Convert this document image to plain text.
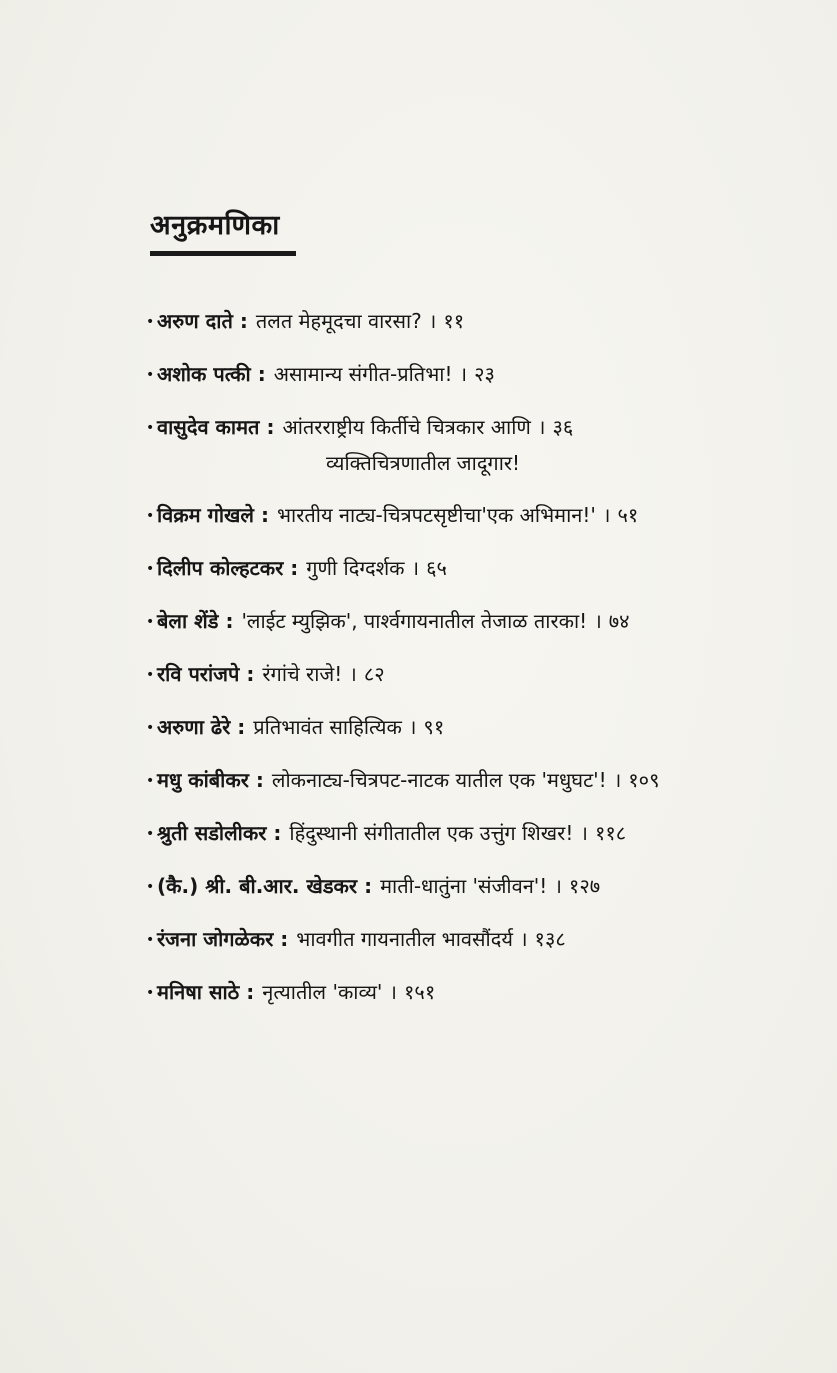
अनुक्रमणिका
• अरुण दाते : तलत मेहमूदचा वारसा? । ११
• अशोक पत्की : असामान्य संगीत-प्रतिभा! । २३
• वासुदेव कामत : आंतरराष्ट्रीय किर्तीचे चित्रकार आणि । ३६
व्यक्तिचित्रणातील जादूगार!
• विक्रम गोखले : भारतीय नाट्य-चित्रपटसृष्टीचा'एक अभिमान!' । ५१
• दिलीप कोल्हटकर : गुणी दिग्दर्शक । ६५
• बेला शेंडे : 'लाईट म्युझिक', पार्श्वगायनातील तेजाळ तारका! । ७४
• रवि परांजपे : रंगांचे राजे! । ८२
• अरुणा ढेरे : प्रतिभावंत साहित्यिक । ९१
• मधु कांबीकर : लोकनाट्य-चित्रपट-नाटक यातील एक 'मधुघट'! । १०९
• श्रुती सडोलीकर : हिंदुस्थानी संगीतातील एक उत्तुंग शिखर! । ११८
• (कै.) श्री. बी.आर. खेडकर : माती-धातुंना 'संजीवन'! । १२७
• रंजना जोगळेकर : भावगीत गायनातील भावसौंदर्य । १३८
• मनिषा साठे : नृत्यातील 'काव्य' । १५१
